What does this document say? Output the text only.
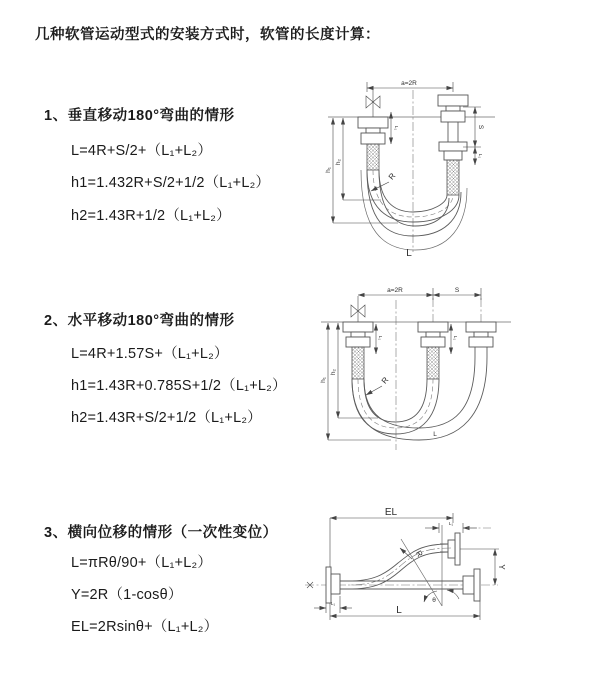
几种软管运动型式的安装方式时，软管的长度计算：
1、垂直移动180°弯曲的情形
L=4R+S/2+（L₁+L₂）
h1=1.432R+S/2+1/2（L₁+L₂）
h2=1.43R+1/2（L₁+L₂）
2、水平移动180°弯曲的情形
L=4R+1.57S+（L₁+L₂）
h1=1.43R+0.785S+1/2（L₁+L₂）
h2=1.43R+S/2+1/2（L₁+L₂）
3、横向位移的情形（一次性变位）
L=πRθ/90+（L₁+L₂）
Y=2R（1-cosθ）
EL=2Rsinθ+（L₁+L₂）
a=2R
S
L₁
L₁
h₁
h₂
R
L
a=2R	S
L₁	L₁
h₁
h₂
R
L
EL
L₁
L₁
L
Y
θ
R
